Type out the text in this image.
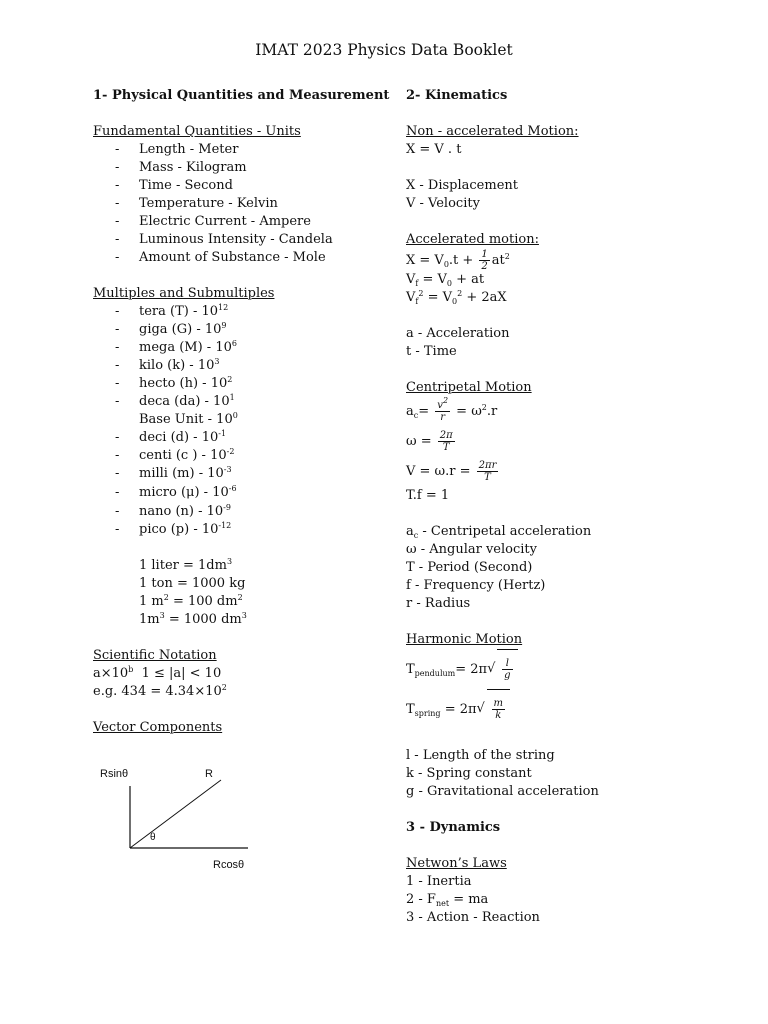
IMAT 2023 Physics Data Booklet
1- Physical Quantities and Measurement
Fundamental Quantities - Units
- Length - Meter
- Mass - Kilogram
- Time - Second
- Temperature - Kelvin
- Electric Current - Ampere
- Luminous Intensity - Candela
- Amount of Substance - Mole
Multiples and Submultiples
- tera $(T) - 10^{12}$
- giga $(G) - 10^9$
- mega $(M) - 10^6$
- kilo $(k) - 10^3$
- hecto $(h) - 10^2$
- deca $(da) - 10^1$
Base Unit - $10^0$
- deci $(d) - 10^{-1}$
- centi (c ) - $10^{-2}$
- milli $(m) - 10^{-3}$
- micro $(\mu) - 10^{-6}$
- nano $(n) - 10^{-9}$
- pico $(p) - 10^{-12}$
1 liter = $1dm^3$
1 ton = 1000 kg
1 $m^2 = 100$ $dm^2$
$1m^3 = 1000$ $dm^3$
Scientific Notation
$a\times 10^b$  1 ≤ |a| < 10
e.g. $434 = 4.34\times 10^2$
Vector Components
Rsinθ	R
θ
Rcosθ
2- Kinematics
Non - accelerated Motion:
X = V . t
X - Displacement
V - Velocity
Accelerated motion:
$X = V_0.t + \frac{1}{2} at^2$
$V_f = V_0$ + at
$V_f^2 = V_0^2 + 2aX$
a - Acceleration
t - Time
Centripetal Motion
$a_c= \frac{v^2}{r} = \omega^2.r$
$\omega = \frac{2\pi}{T}$
$V = \omega.r = \frac{2\pi r}{T}$
T.f = 1
$a_c$ - Centripetal acceleration
ω - Angular velocity
T - Period (Second)
f - Frequency (Hertz)
r - Radius
Harmonic Motion
$T_{pendulum}= 2\pi$ √ $\frac{l}{g}$
$T_{spring} = 2\pi$ √ $\frac{m}{k}$
l - Length of the string
k - Spring constant
g - Gravitational acceleration
3 - Dynamics
Netwon’s Laws
1 - Inertia
$2 - F_{net}$ = ma
3 - Action - Reaction
